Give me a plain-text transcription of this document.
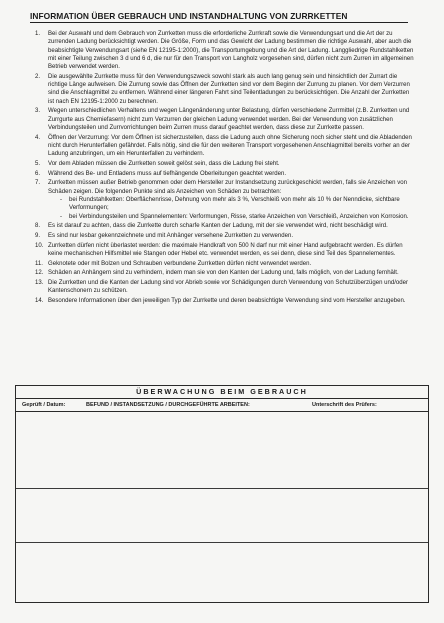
INFORMATION ÜBER GEBRAUCH UND INSTANDHALTUNG VON ZURRKETTEN
1. Bei der Auswahl und dem Gebrauch von Zurrketten muss die erforderliche Zurrkraft sowie die Verwendungsart und die Art der zu zurrenden Ladung berücksichtigt werden. Die Größe, Form und das Gewicht der Ladung bestimmen die richtige Auswahl, aber auch die beabsichtigte Verwendungsart (siehe EN 12195-1:2000), die Transportumgebung und die Art der Ladung. Langgliedrige Rundstahlketten mit einer Teilung zwischen 3 d und 6 d, die nur für den Transport von Langholz vorgesehen sind, dürfen nicht zum Zurren im allgemeinen Betrieb verwendet werden.
2. Die ausgewählte Zurrkette muss für den Verwendungszweck sowohl stark als auch lang genug sein und hinsichtlich der Zurrart die richtige Länge aufweisen. Die Zurrung sowie das Öffnen der Zurrketten sind vor dem Beginn der Zurrung zu planen. Vor dem Verzurren sind die Anschlagmittel zu entfernen. Während einer längeren Fahrt sind Teilentladungen zu berücksichtigen. Die Anzahl der Zurrketten ist nach EN 12195-1:2000 zu berechnen.
3. Wegen unterschiedlichen Verhaltens und wegen Längenänderung unter Belastung, dürfen verschiedene Zurrmittel (z.B. Zurrketten und Zurrgurte aus Chemiefasern) nicht zum Verzurren der gleichen Ladung verwendet werden. Bei der Verwendung von zusätzlichen Verbindungsteilen und Zurrvorrichtungen beim Zurren muss darauf geachtet werden, dass diese zur Zurrkette passen.
4. Öffnen der Verzurrung: Vor dem Öffnen ist sicherzustellen, dass die Ladung auch ohne Sicherung noch sicher steht und die Abladenden nicht durch Herunterfallen gefährdet. Falls nötig, sind die für den weiteren Transport vorgesehenen Anschlagmittel bereits vorher an der Ladung anzubringen, um ein Herunterfallen zu verhindern.
5. Vor dem Abladen müssen die Zurrketten soweit gelöst sein, dass die Ladung frei steht.
6. Während des Be- und Entladens muss auf tiefhängende Oberleitungen geachtet werden.
7. Zurrketten müssen außer Betrieb genommen oder dem Hersteller zur Instandsetzung zurückgeschickt werden, falls sie Anzeichen von Schäden zeigen. Die folgenden Punkte sind als Anzeichen von Schäden zu betrachten:
- bei Rundstahlketten: Oberflächenrisse, Dehnung von mehr als 3 %, Verschleiß von mehr als 10 % der Nenndicke, sichtbare Verformungen;
- bei Verbindungsteilen und Spannelementen: Verformungen, Risse, starke Anzeichen von Verschleiß, Anzeichen von Korrosion.
8. Es ist darauf zu achten, dass die Zurrkette durch scharfe Kanten der Ladung, mit der sie verwendet wird, nicht beschädigt wird.
9. Es sind nur lesbar gekennzeichnete und mit Anhänger versehene Zurrketten zu verwenden.
10. Zurrketten dürfen nicht überlastet werden: die maximale Handkraft von 500 N darf nur mit einer Hand aufgebracht werden. Es dürfen keine mechanischen Hilfsmittel wie Stangen oder Hebel etc. verwendet werden, es sei denn, diese sind Teil des Spannelementes.
11. Geknotete oder mit Bolzen und Schrauben verbundene Zurrketten dürfen nicht verwendet werden.
12. Schäden an Anhängern sind zu verhindern, indem man sie von den Kanten der Ladung und, falls möglich, von der Ladung fernhält.
13. Die Zurrketten und die Kanten der Ladung sind vor Abrieb sowie vor Schädigungen durch Verwendung von Schutzüberzügen und/oder Kantenschonern zu schützen.
14. Besondere Informationen über den jeweiligen Typ der Zurrkette und deren beabsichtigte Verwendung sind vom Hersteller anzugeben.
ÜBERWACHUNG BEIM GEBRAUCH
Geprüft / Datum:	BEFUND / INSTANDSETZUNG / DURCHGEFÜHRTE ARBEITEN:	Unterschrift des Prüfers:
